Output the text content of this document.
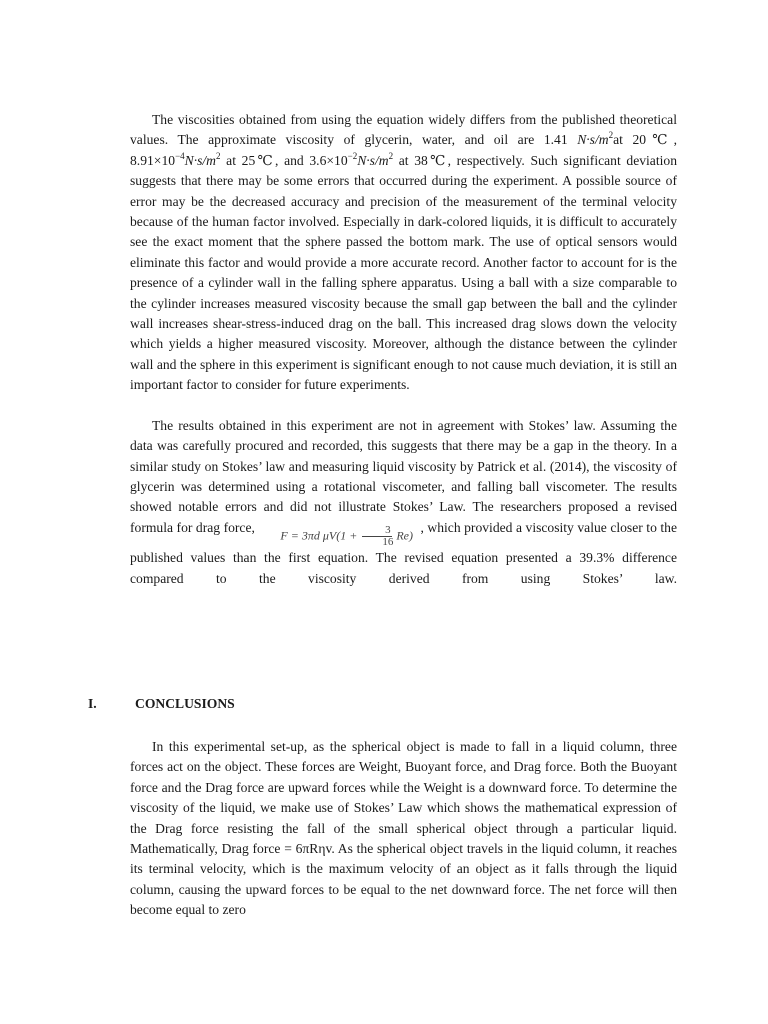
The viscosities obtained from using the equation widely differs from the published theoretical values. The approximate viscosity of glycerin, water, and oil are 1.41 $N\cdot s/m^2at$ 20℃, $8.91\times 10^{-4}N\cdot s/m^2$ at 25℃, and $3.6\times 10^{-2}N\cdot s/m^2$ at 38℃, respectively. Such significant deviation suggests that there may be some errors that occurred during the experiment. A possible source of error may be the decreased accuracy and precision of the measurement of the terminal velocity because of the human factor involved. Especially in dark-colored liquids, it is difficult to accurately see the exact moment that the sphere passed the bottom mark. The use of optical sensors would eliminate this factor and would provide a more accurate record. Another factor to account for is the presence of a cylinder wall in the falling sphere apparatus. Using a ball with a size comparable to the cylinder increases measured viscosity because the small gap between the ball and the cylinder wall increases shear-stress-induced drag on the ball. This increased drag slows down the velocity which yields a higher measured viscosity. Moreover, although the distance between the cylinder wall and the sphere in this experiment is significant enough to not cause much deviation, it is still an important factor to consider for future experiments.

The results obtained in this experiment are not in agreement with Stokes’ law. Assuming the data was carefully procured and recorded, this suggests that there may be a gap in the theory. In a similar study on Stokes’ law and measuring liquid viscosity by Patrick et al. (2014), the viscosity of glycerin was determined using a rotational viscometer, and falling ball viscometer. The results showed notable errors and did not illustrate Stokes’ Law. The researchers proposed a revised formula for drag force, F = 3πd $\mu V(1 + \frac{3}{16} Re)$ , which provided a viscosity value closer to the published values than the first equation. The revised equation presented a 39.3% difference compared to the viscosity derived from using Stokes’ law.

I.	CONCLUSIONS

In this experimental set-up, as the spherical object is made to fall in a liquid column, three forces act on the object. These forces are Weight, Buoyant force, and Drag force. Both the Buoyant force and the Drag force are upward forces while the Weight is a downward force. To determine the viscosity of the liquid, we make use of Stokes’ Law which shows the mathematical expression of the Drag force resisting the fall of the small spherical object through a particular liquid. Mathematically, Drag force = 6πRηv. As the spherical object travels in the liquid column, it reaches its terminal velocity, which is the maximum velocity of an object as it falls through the liquid column, causing the upward forces to be equal to the net downward force. The net force will then become equal to zero
